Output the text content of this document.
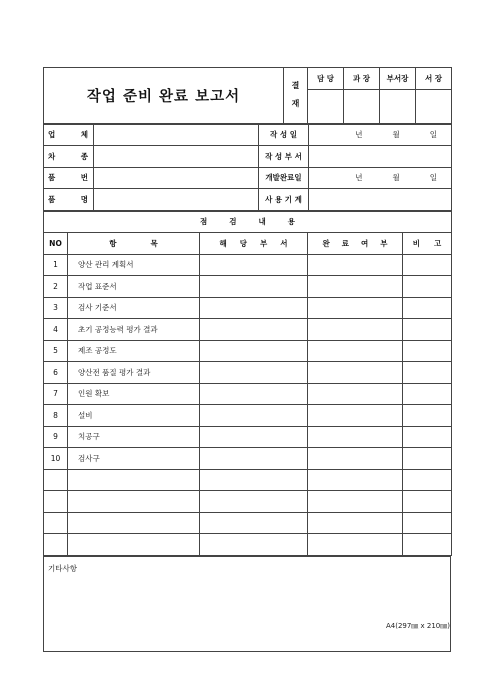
작업 준비 완료 보고서	결
재	담 당	과 장	부서장	서 장

업 체		작 성 일	년 월 일

차 종		작 성 부 서	

품 번		개발완료일	년 월 일

품 명		사 용 기 계	
점 검 내 용				

NO	항 목	해 당 부 서	완 료 여 부	비 고

1	양산 관리 계획서			
2	작업 표준서			
3	검사 기준서			
4	초기 공정능력 평가 결과			
5	제조 공정도			
6	양산전 품질 평가 결과			
7	인원 확보			
8	설비			
9	치공구			
10	검사구			

기타사항
A4(297㎜ x 210㎜)
